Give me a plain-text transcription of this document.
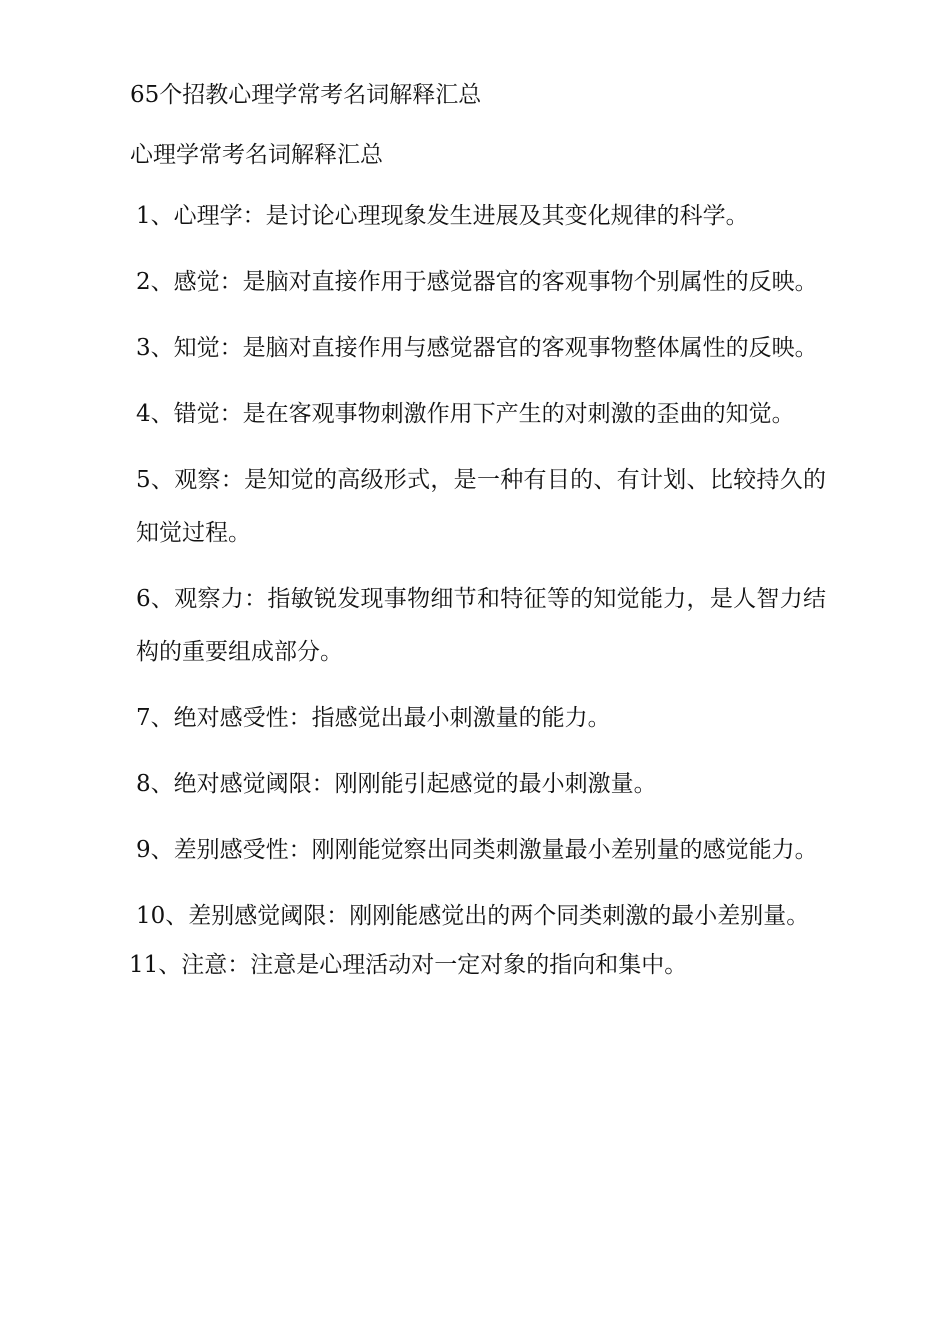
65个招教心理学常考名词解释汇总
心理学常考名词解释汇总

1、心理学：是讨论心理现象发生进展及其变化规律的科学。

2、感觉：是脑对直接作用于感觉器官的客观事物个别属性的反映。

3、知觉：是脑对直接作用与感觉器官的客观事物整体属性的反映。

4、错觉：是在客观事物刺激作用下产生的对刺激的歪曲的知觉。

5、观察：是知觉的高级形式，是一种有目的、有计划、比较持久的知觉过程。

6、观察力：指敏锐发现事物细节和特征等的知觉能力，是人智力结构的重要组成部分。

7、绝对感受性：指感觉出最小刺激量的能力。

8、绝对感觉阈限：刚刚能引起感觉的最小刺激量。

9、差别感受性：刚刚能觉察出同类刺激量最小差别量的感觉能力。

10、差别感觉阈限：刚刚能感觉出的两个同类刺激的最小差别量。

11、注意：注意是心理活动对一定对象的指向和集中。
